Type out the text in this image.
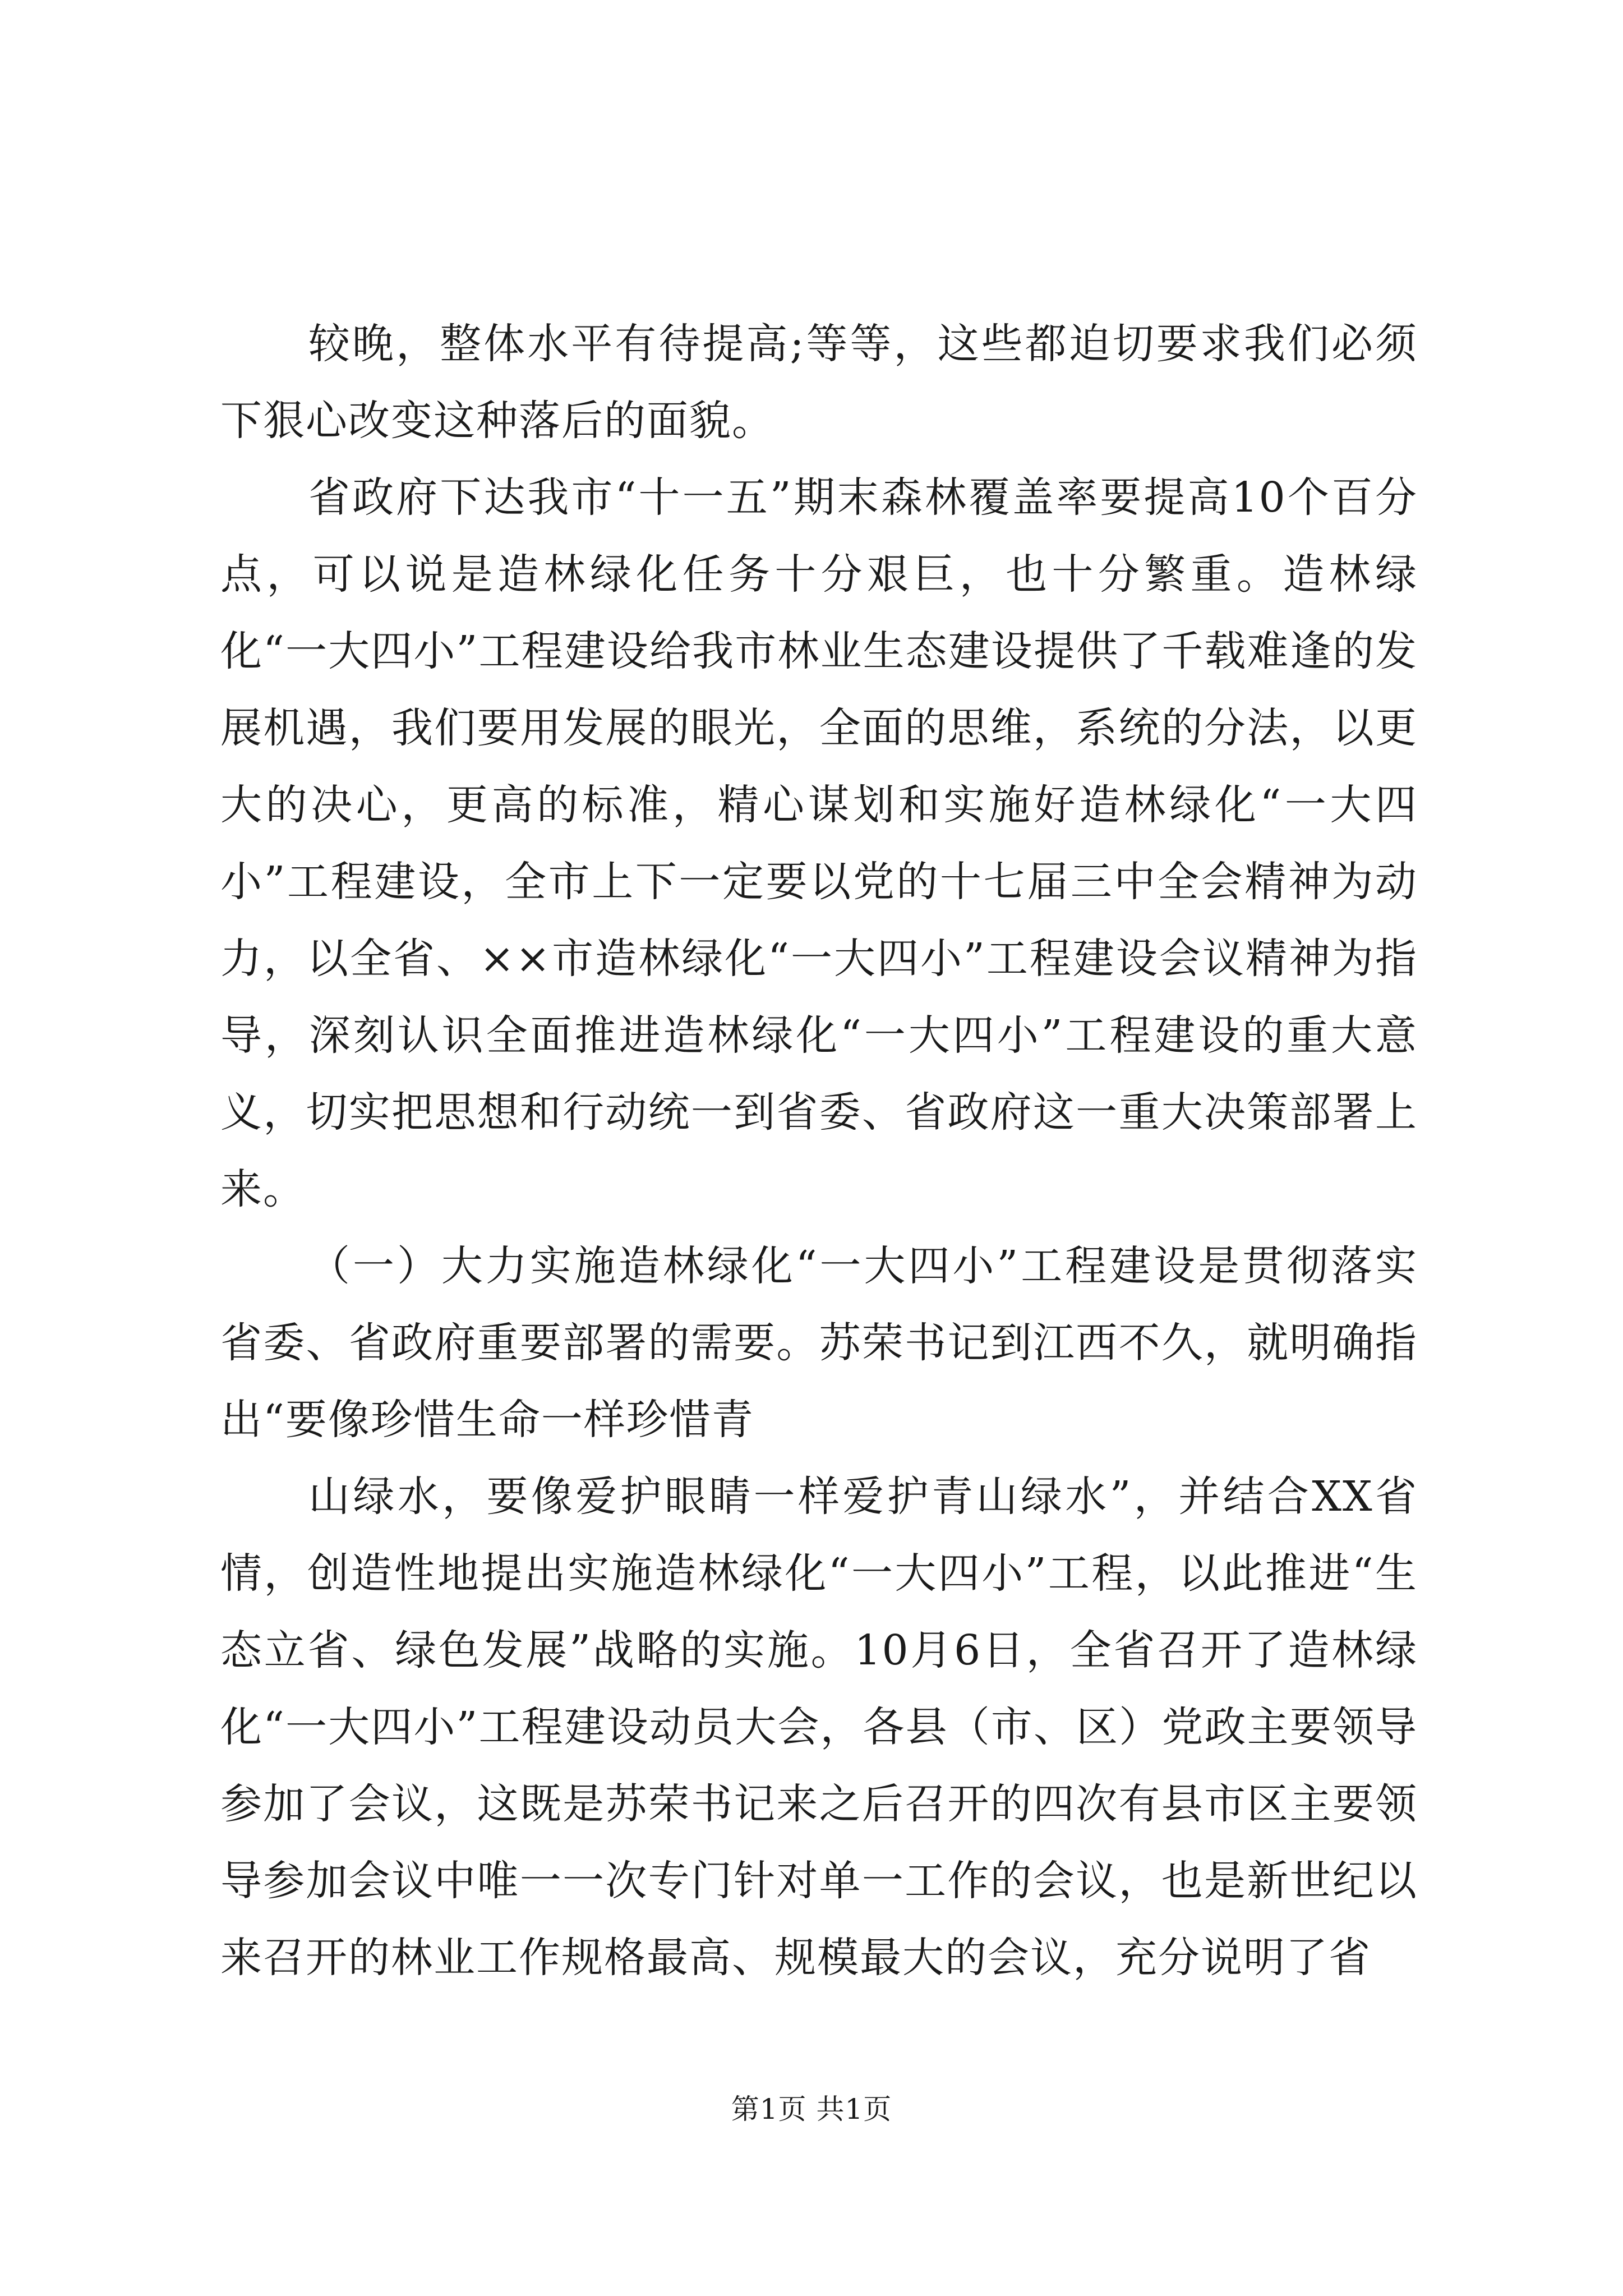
较晚，整体水平有待提高;等等，这些都迫切要求我们必须下狠心改变这种落后的面貌。

省政府下达我市“十一五”期末森林覆盖率要提高10个百分点，可以说是造林绿化任务十分艰巨，也十分繁重。造林绿化“一大四小”工程建设给我市林业生态建设提供了千载难逢的发展机遇，我们要用发展的眼光，全面的思维，系统的分法，以更大的决心，更高的标准，精心谋划和实施好造林绿化“一大四小”工程建设，全市上下一定要以党的十七届三中全会精神为动力，以全省、××市造林绿化“一大四小”工程建设会议精神为指导，深刻认识全面推进造林绿化“一大四小”工程建设的重大意义，切实把思想和行动统一到省委、省政府这一重大决策部署上来。

（一）大力实施造林绿化“一大四小”工程建设是贯彻落实省委、省政府重要部署的需要。苏荣书记到江西不久，就明确指出“要像珍惜生命一样珍惜青

山绿水，要像爱护眼睛一样爱护青山绿水”，并结合XX省情，创造性地提出实施造林绿化“一大四小”工程，以此推进“生态立省、绿色发展”战略的实施。10月6日，全省召开了造林绿化“一大四小”工程建设动员大会，各县（市、区）党政主要领导参加了会议，这既是苏荣书记来之后召开的四次有县市区主要领导参加会议中唯一一次专门针对单一工作的会议，也是新世纪以来召开的林业工作规格最高、规模最大的会议，充分说明了省

第1页 共1页
